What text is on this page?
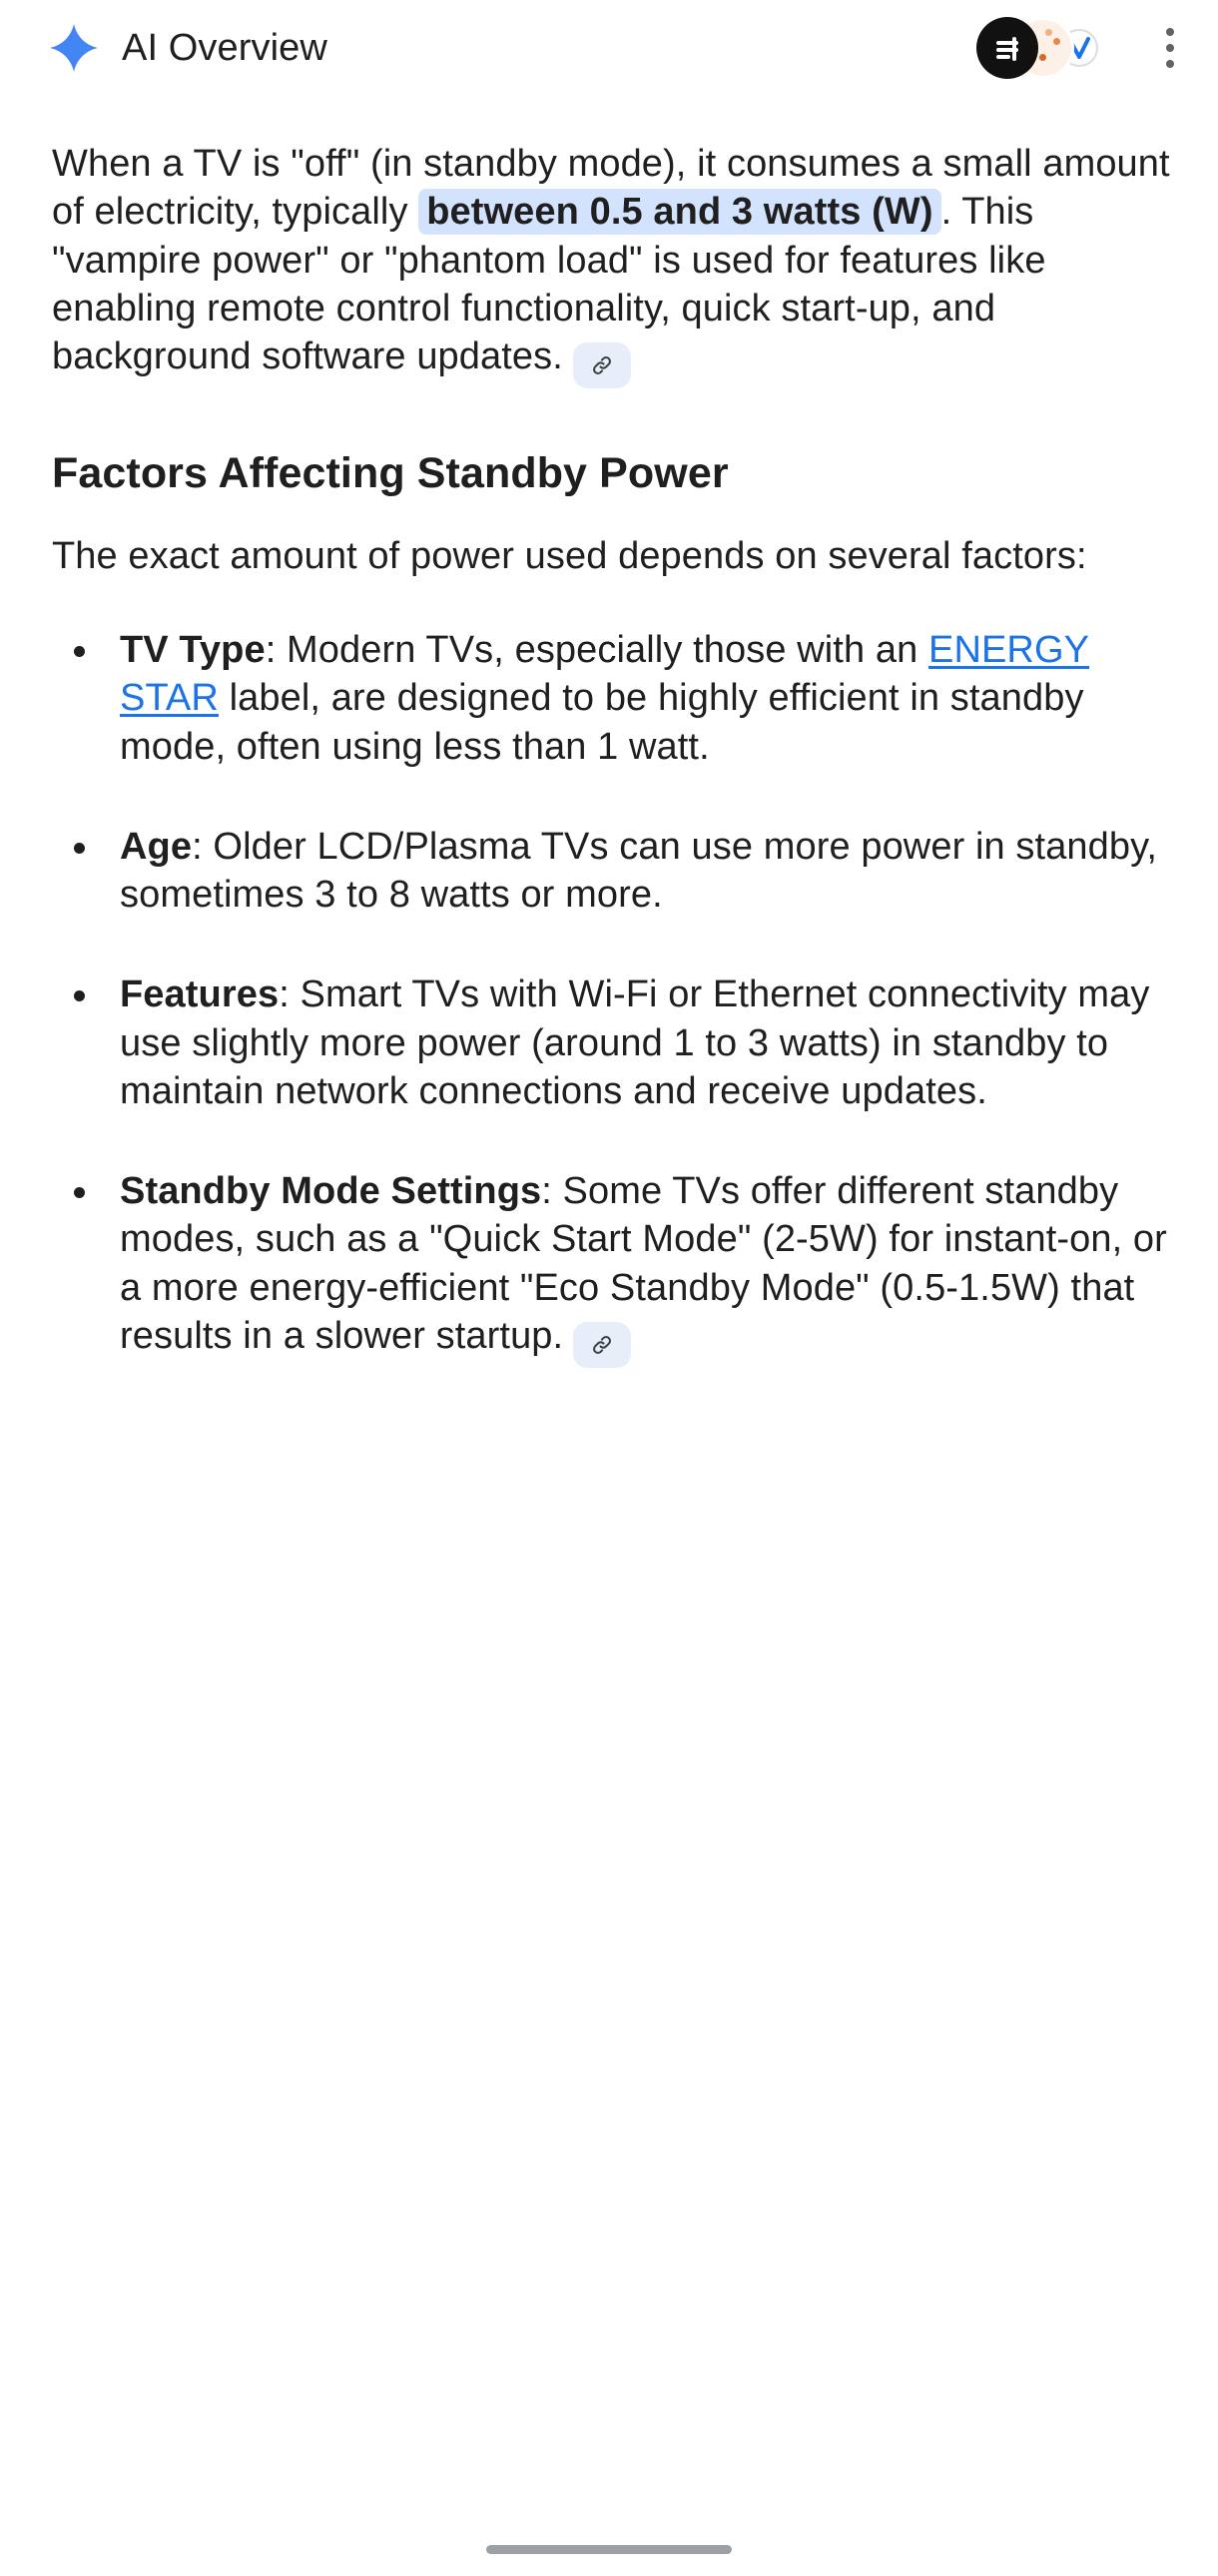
AI Overview

When a TV is "off" (in standby mode), it consumes a small amount of electricity, typically between 0.5 and 3 watts (W) . This "vampire power" or "phantom load" is used for features like enabling remote control functionality, quick start-up, and background software updates.

Factors Affecting Standby Power

The exact amount of power used depends on several factors:

TV Type: Modern TVs, especially those with an ENERGY STAR label, are designed to be highly efficient in standby mode, often using less than 1 watt.
Age: Older LCD/Plasma TVs can use more power in standby, sometimes 3 to 8 watts or more.
Features: Smart TVs with Wi-Fi or Ethernet connectivity may use slightly more power (around 1 to 3 watts) in standby to maintain network connections and receive updates.
Standby Mode Settings: Some TVs offer different standby modes, such as a "Quick Start Mode" (2-5W) for instant-on, or a more energy-efficient "Eco Standby Mode" (0.5-1.5W) that results in a slower startup.
